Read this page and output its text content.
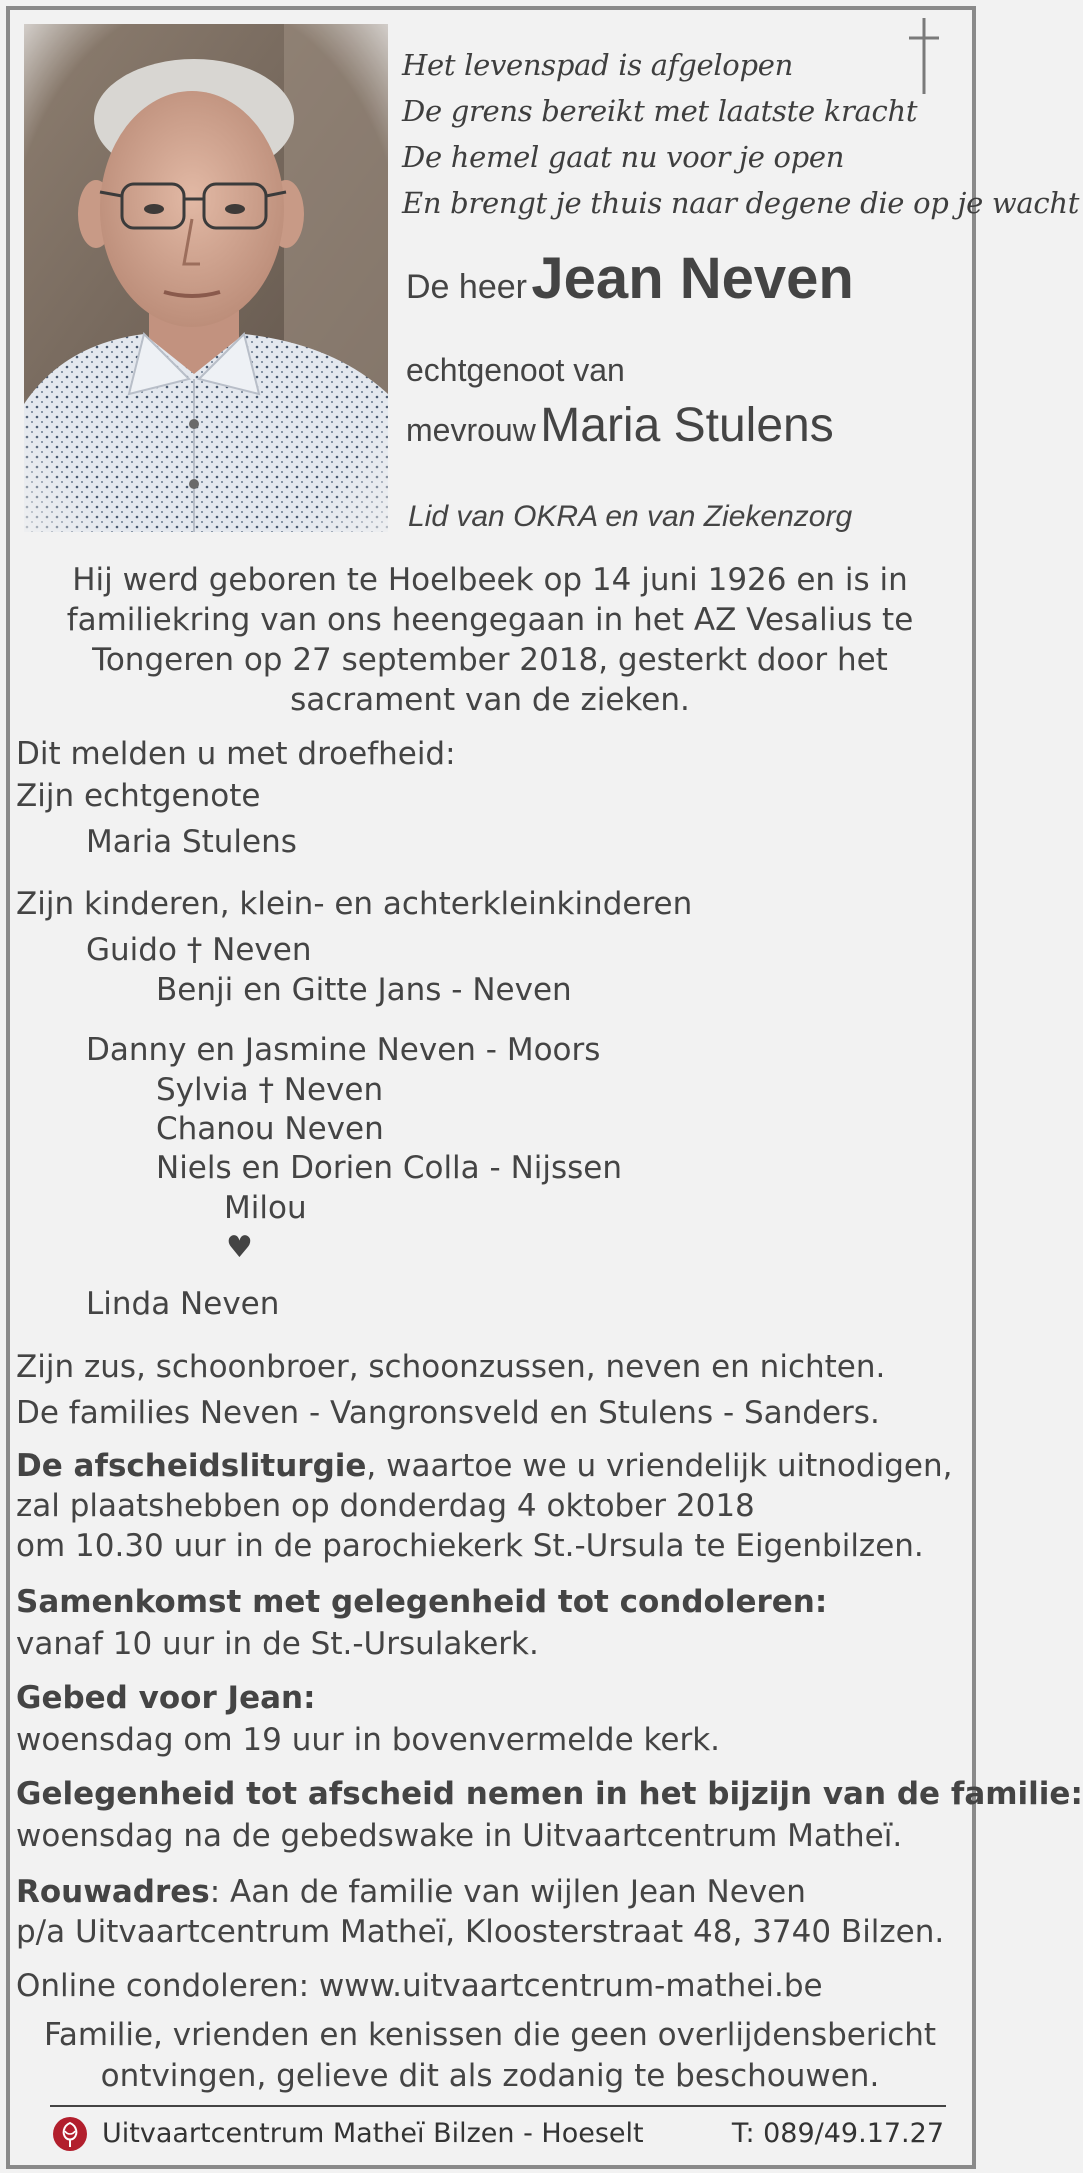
Het levenspad is afgelopen
De grens bereikt met laatste kracht
De hemel gaat nu voor je open
En brengt je thuis naar degene die op je wacht
De heer Jean Neven
echtgenoot van
mevrouw Maria Stulens
Lid van OKRA en van Ziekenzorg
Hij werd geboren te Hoelbeek op 14 juni 1926 en is in
familiekring van ons heengegaan in het AZ Vesalius te
Tongeren op 27 september 2018, gesterkt door het
sacrament van de zieken.
Dit melden u met droefheid:
Zijn echtgenote
Maria Stulens
Zijn kinderen, klein- en achterkleinkinderen
Guido † Neven
Benji en Gitte Jans - Neven
Danny en Jasmine Neven - Moors
Sylvia † Neven
Chanou Neven
Niels en Dorien Colla - Nijssen
Milou
♥
Linda Neven
Zijn zus, schoonbroer, schoonzussen, neven en nichten.
De families Neven - Vangronsveld en Stulens - Sanders.
De afscheidsliturgie, waartoe we u vriendelijk uitnodigen,
zal plaatshebben op donderdag 4 oktober 2018
om 10.30 uur in de parochiekerk St.-Ursula te Eigenbilzen.
Samenkomst met gelegenheid tot condoleren:
vanaf 10 uur in de St.-Ursulakerk.
Gebed voor Jean:
woensdag om 19 uur in bovenvermelde kerk.
Gelegenheid tot afscheid nemen in het bijzijn van de familie:
woensdag na de gebedswake in Uitvaartcentrum Matheï.
Rouwadres: Aan de familie van wijlen Jean Neven
p/a Uitvaartcentrum Matheï, Kloosterstraat 48, 3740 Bilzen.
Online condoleren: www.uitvaartcentrum-mathei.be
Familie, vrienden en kenissen die geen overlijdensbericht
ontvingen, gelieve dit als zodanig te beschouwen.
Uitvaartcentrum Matheï Bilzen - Hoeselt	T: 089/49.17.27
